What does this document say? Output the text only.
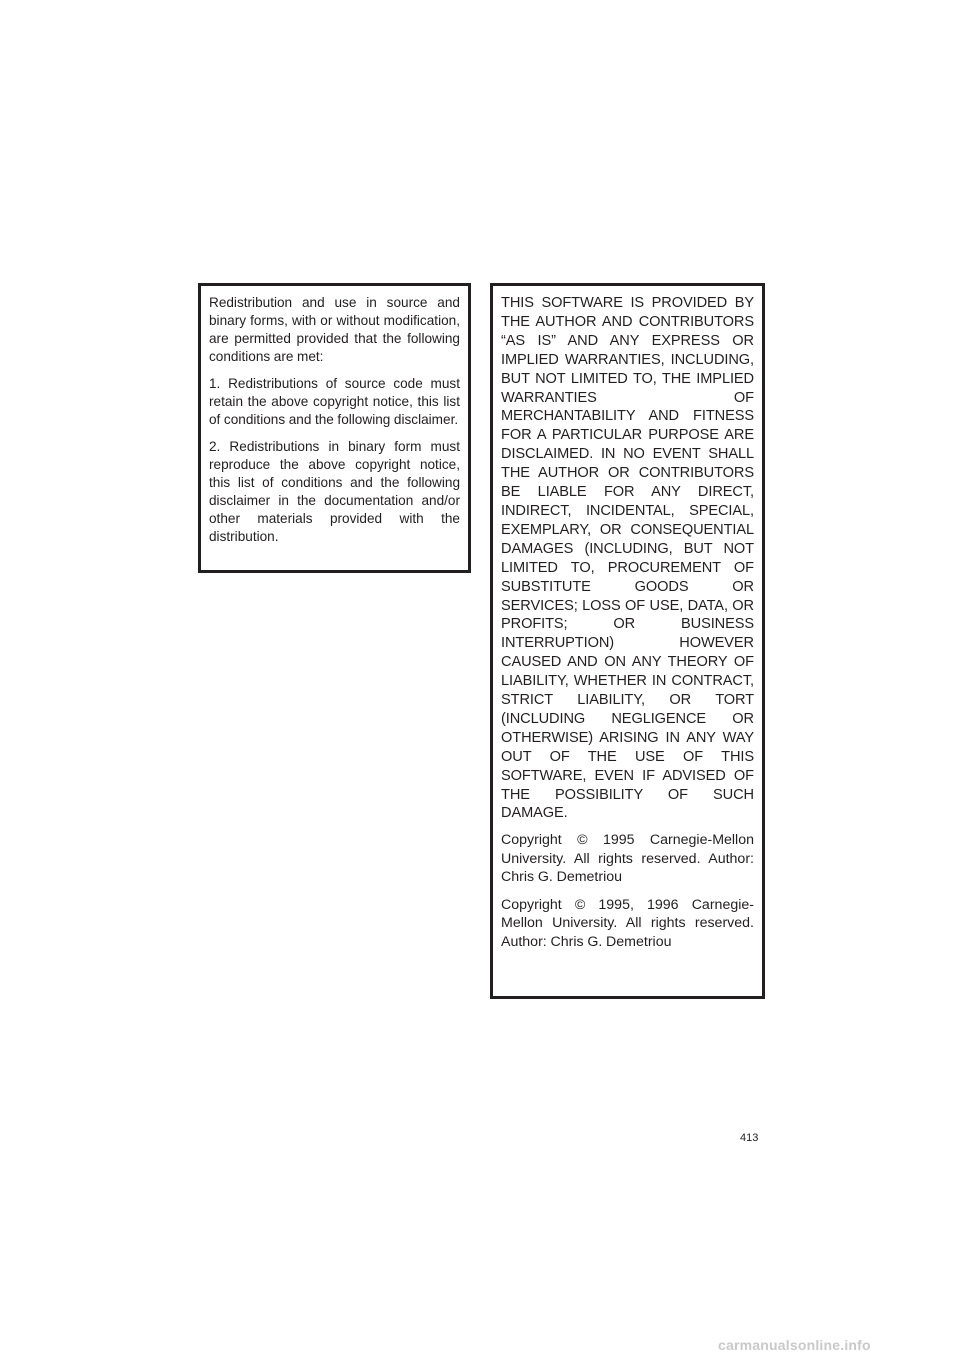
Redistribution and use in source and binary forms, with or without modification, are permitted provided that the following conditions are met:

1. Redistributions of source code must retain the above copyright notice, this list of conditions and the following disclaimer.

2. Redistributions in binary form must reproduce the above copyright notice, this list of conditions and the following disclaimer in the documentation and/or other materials provided with the distribution.

THIS SOFTWARE IS PROVIDED BY THE AUTHOR AND CONTRIBUTORS “AS IS” AND ANY EXPRESS OR IMPLIED WARRANTIES, INCLUDING, BUT NOT LIMITED TO, THE IMPLIED WARRANTIES OF MERCHANTABILITY AND FITNESS FOR A PARTICULAR PURPOSE ARE DISCLAIMED. IN NO EVENT SHALL THE AUTHOR OR CONTRIBUTORS BE LIABLE FOR ANY DIRECT, INDIRECT, INCIDENTAL, SPECIAL, EXEMPLARY, OR CONSEQUENTIAL DAMAGES (INCLUDING, BUT NOT LIMITED TO, PROCUREMENT OF SUBSTITUTE GOODS OR SERVICES; LOSS OF USE, DATA, OR PROFITS; OR BUSINESS INTERRUPTION) HOWEVER CAUSED AND ON ANY THEORY OF LIABILITY, WHETHER IN CONTRACT, STRICT LIABILITY, OR TORT (INCLUDING NEGLIGENCE OR OTHERWISE) ARISING IN ANY WAY OUT OF THE USE OF THIS SOFTWARE, EVEN IF ADVISED OF THE POSSIBILITY OF SUCH DAMAGE.

Copyright © 1995 Carnegie-Mellon University. All rights reserved. Author: Chris G. Demetriou

Copyright © 1995, 1996 Carnegie-Mellon University. All rights reserved. Author: Chris G. Demetriou

413
carmanualsonline.info
